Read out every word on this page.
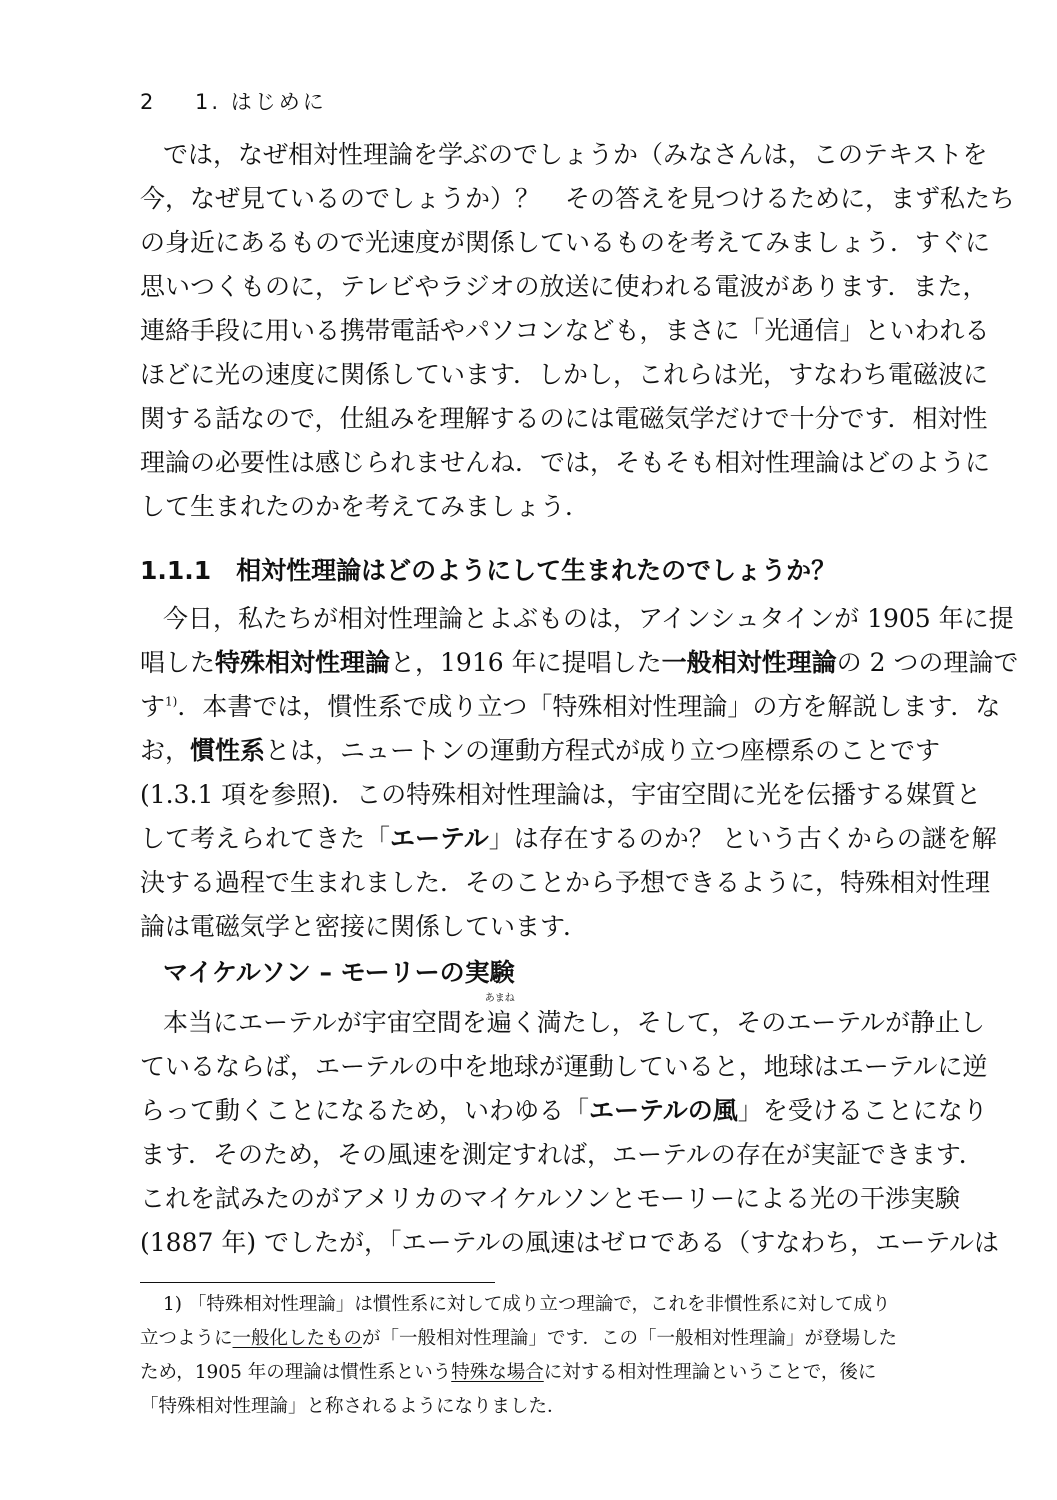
2 1. はじめに
では，なぜ相対性理論を学ぶのでしょうか（みなさんは，このテキストを
今，なぜ見ているのでしょうか）？　その答えを見つけるために，まず私たち
の身近にあるもので光速度が関係しているものを考えてみましょう．すぐに
思いつくものに，テレビやラジオの放送に使われる電波があります．また，
連絡手段に用いる携帯電話やパソコンなども，まさに「光通信」といわれる
ほどに光の速度に関係しています．しかし，これらは光，すなわち電磁波に
関する話なので，仕組みを理解するのには電磁気学だけで十分です．相対性
理論の必要性は感じられませんね．では，そもそも相対性理論はどのように
して生まれたのかを考えてみましょう．
1.1.1　相対性理論はどのようにして生まれたのでしょうか？
今日，私たちが相対性理論とよぶものは，アインシュタインが 1905 年に提
唱した特殊相対性理論と，1916 年に提唱した一般相対性理論の 2 つの理論で
す$^{1)}$．本書では，慣性系で成り立つ「特殊相対性理論」の方を解説します．な
お，慣性系とは，ニュートンの運動方程式が成り立つ座標系のことです
(1.3.1 項を参照)．この特殊相対性理論は，宇宙空間に光を伝播する媒質と
して考えられてきた「エーテル」は存在するのか？ という古くからの謎を解
決する過程で生まれました．そのことから予想できるように，特殊相対性理
論は電磁気学と密接に関係しています．
マイケルソン – モーリーの実験
本当にエーテルが宇宙空間を
あまね
遍く満たし，そして，そのエーテルが静止し
ているならば，エーテルの中を地球が運動していると，地球はエーテルに逆
らって動くことになるため，いわゆる「エーテルの風」を受けることになり
ます．そのため，その風速を測定すれば，エーテルの存在が実証できます．
これを試みたのがアメリカのマイケルソンとモーリーによる光の干渉実験
(1887 年) でしたが，「エーテルの風速はゼロである（すなわち，エーテルは
1) 「特殊相対性理論」は慣性系に対して成り立つ理論で，これを非慣性系に対して成り
立つように一般化したものが「一般相対性理論」です．この「一般相対性理論」が登場した
ため，1905 年の理論は慣性系という特殊な場合に対する相対性理論ということで，後に
「特殊相対性理論」と称されるようになりました．
